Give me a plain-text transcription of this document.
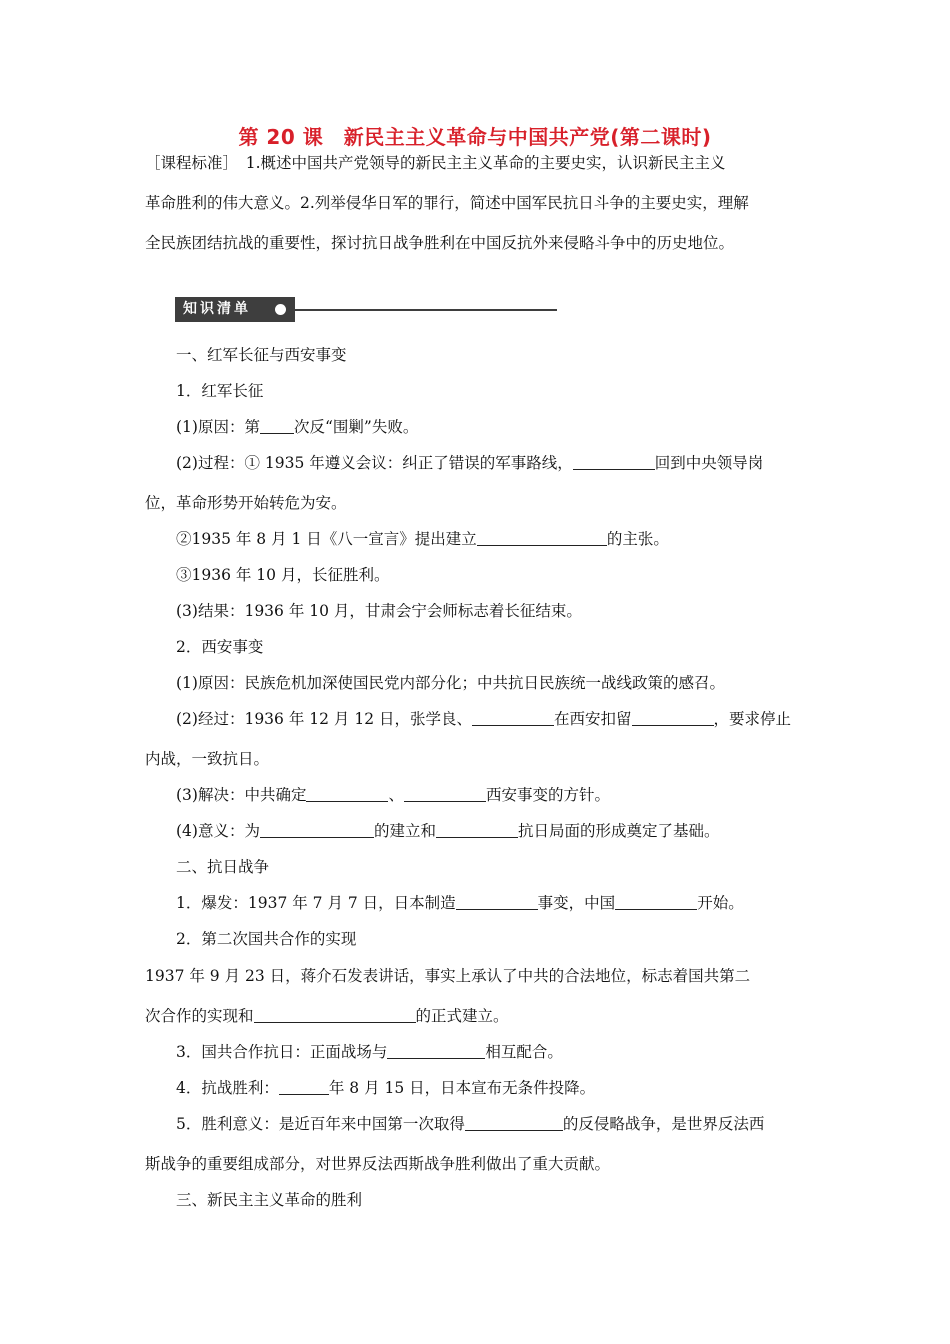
第 20 课　新民主主义革命与中国共产党(第二课时)
［课程标准］　1.概述中国共产党领导的新民主主义革命的主要史实，认识新民主主义
革命胜利的伟大意义。2.列举侵华日军的罪行，简述中国军民抗日斗争的主要史实，理解
全民族团结抗战的重要性，探讨抗日战争胜利在中国反抗外来侵略斗争中的历史地位。
知识清单
一、红军长征与西安事变
1．红军长征
(1)原因：第 次反“围剿”失败。
(2)过程：① 1935 年遵义会议：纠正了错误的军事路线，	回到中央领导岗
位，革命形势开始转危为安。
②1935 年 8 月 1 日《八一宣言》提出建立	的主张。
③1936 年 10 月，长征胜利。
(3)结果：1936 年 10 月，甘肃会宁会师标志着长征结束。
2．西安事变
(1)原因：民族危机加深使国民党内部分化；中共抗日民族统一战线政策的感召。
(2)经过：1936 年 12 月 12 日，张学良、	在西安扣留	，要求停止
内战，一致抗日。
(3)解决：中共确定	、	西安事变的方针。
(4)意义：为	的建立和	抗日局面的形成奠定了基础。
二、抗日战争
1．爆发：1937 年 7 月 7 日，日本制造	事变，中国	开始。
2．第二次国共合作的实现
1937 年 9 月 23 日，蒋介石发表讲话，事实上承认了中共的合法地位，标志着国共第二
次合作的实现和	的正式建立。
3．国共合作抗日：正面战场与	相互配合。
4．抗战胜利：	年 8 月 15 日，日本宣布无条件投降。
5．胜利意义：是近百年来中国第一次取得	的反侵略战争，是世界反法西
斯战争的重要组成部分，对世界反法西斯战争胜利做出了重大贡献。
三、新民主主义革命的胜利
